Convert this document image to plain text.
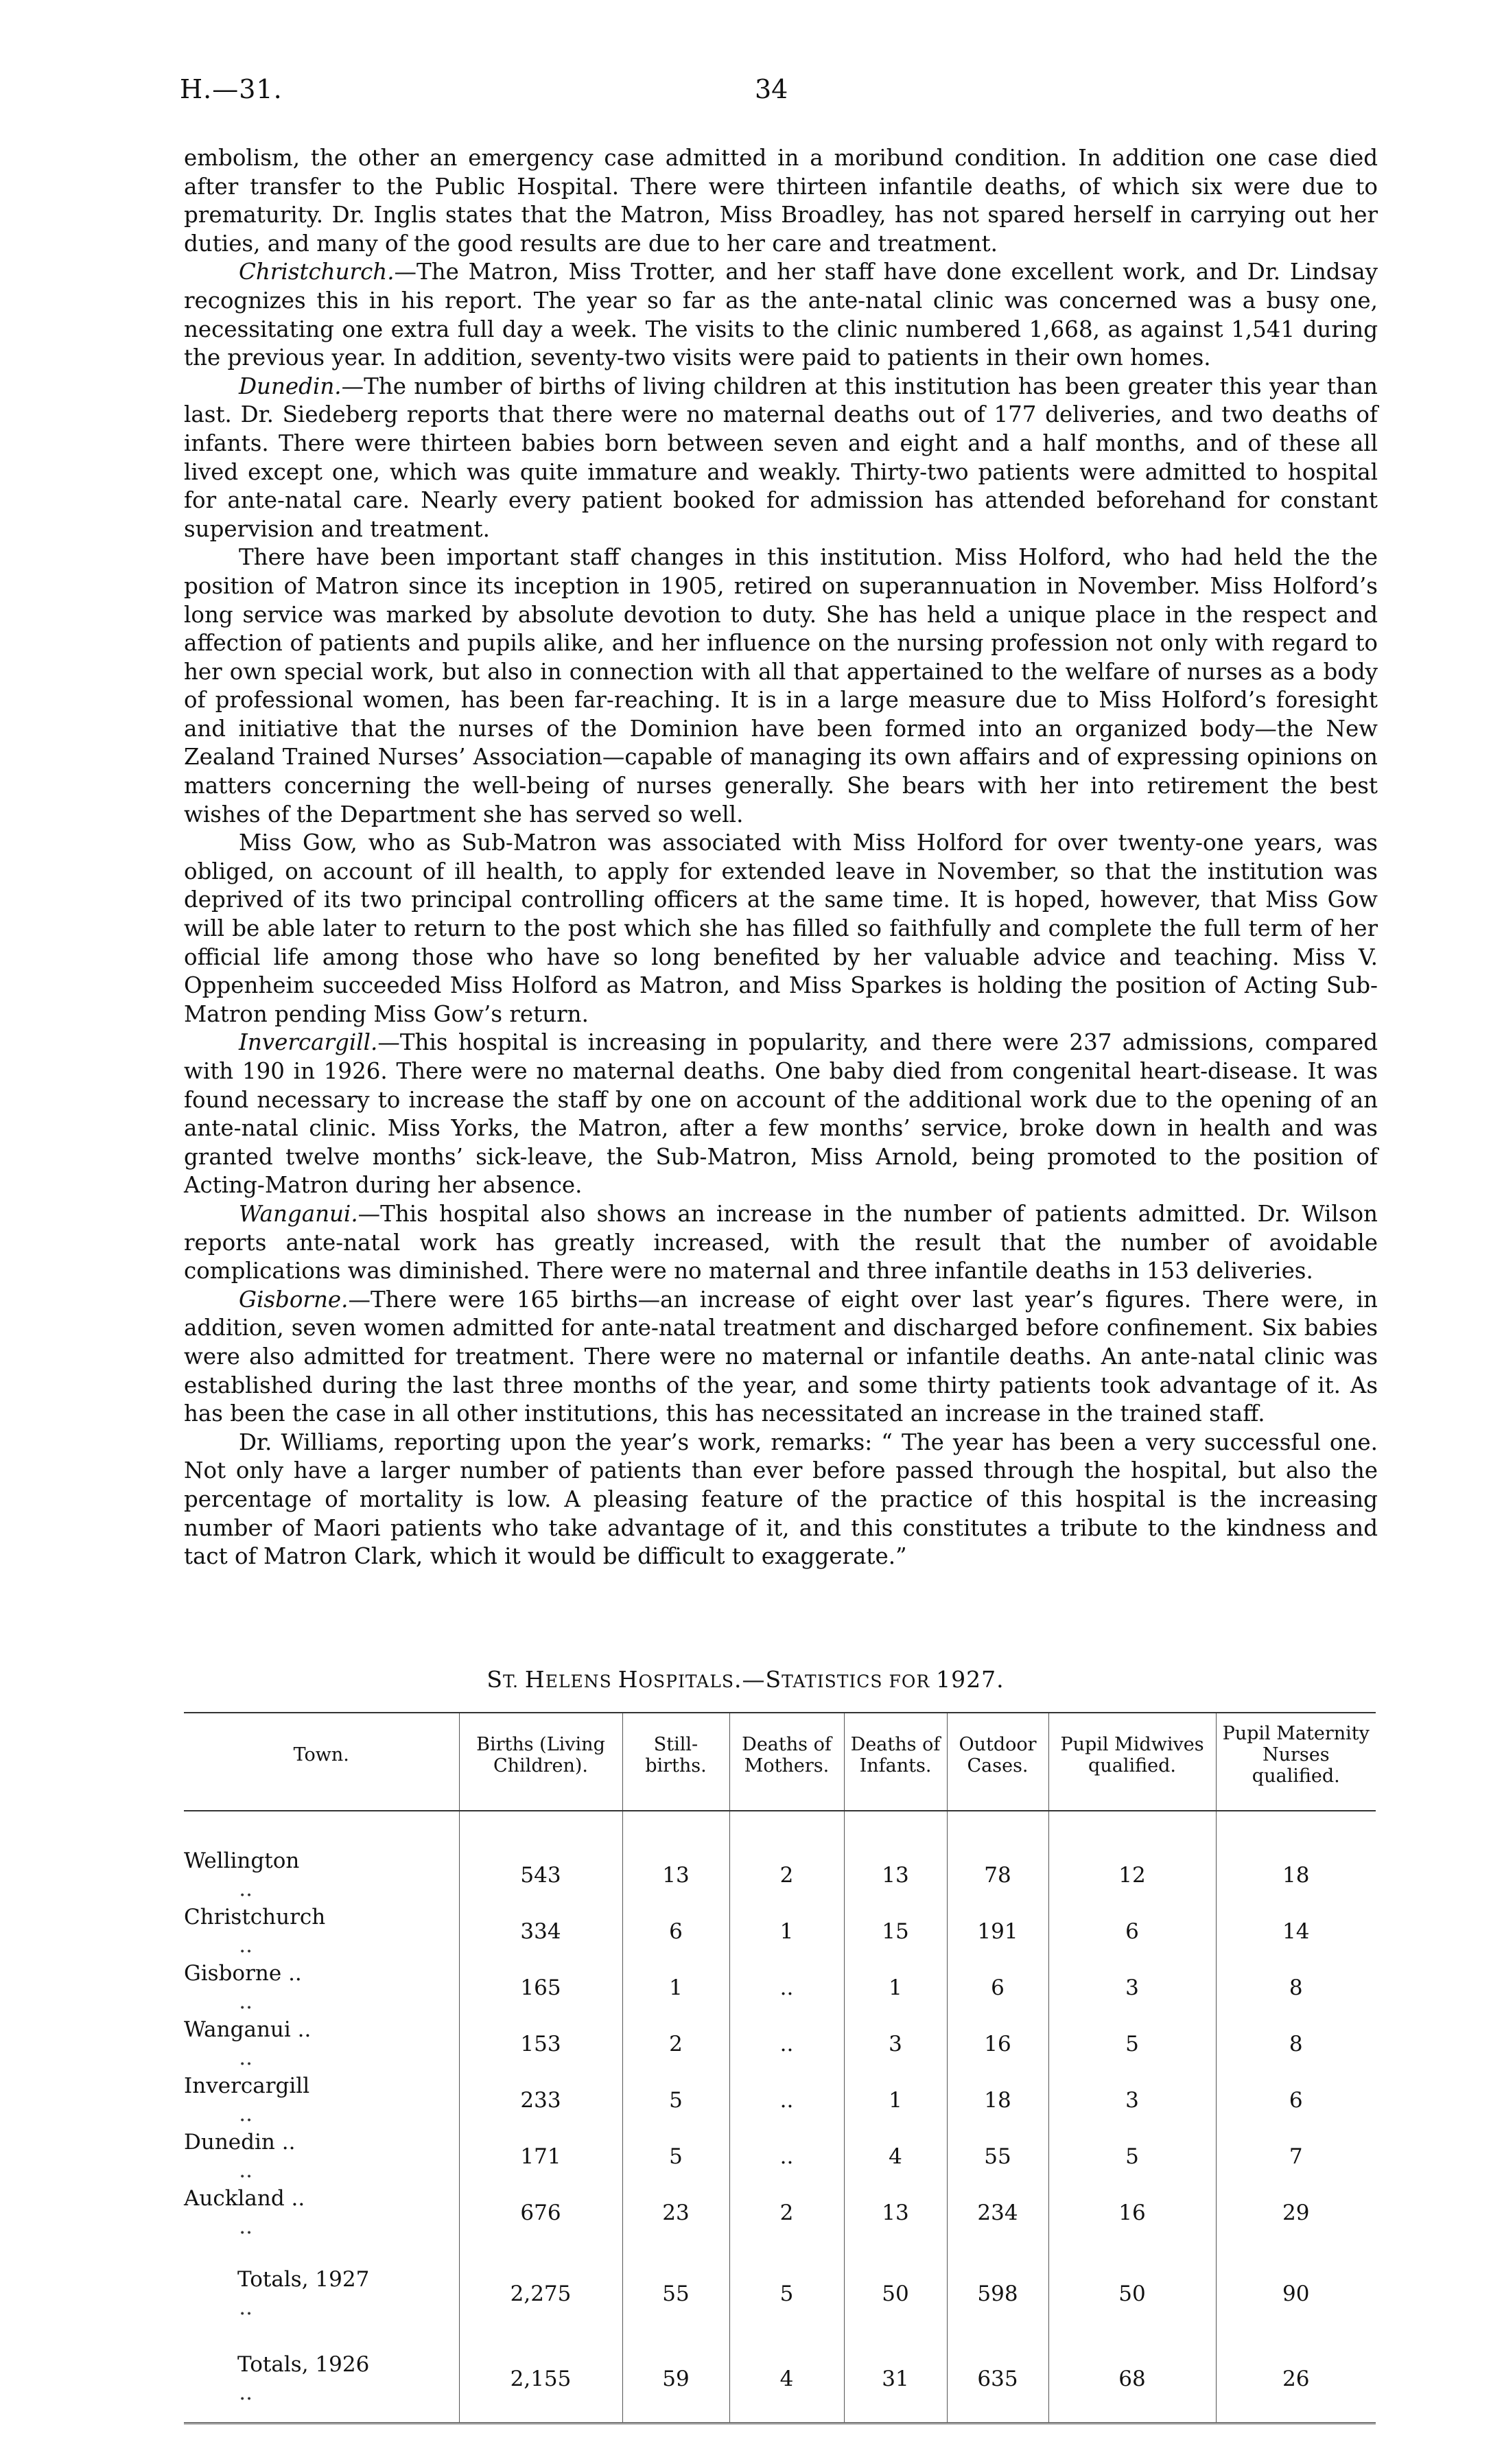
H.—31.	34

embolism, the other an emergency case admitted in a moribund condition. In addition one case died after transfer to the Public Hospital. There were thirteen infantile deaths, of which six were due to prematurity. Dr. Inglis states that the Matron, Miss Broadley, has not spared herself in carrying out her duties, and many of the good results are due to her care and treatment.

Christchurch.—The Matron, Miss Trotter, and her staff have done excellent work, and Dr. Lindsay recognizes this in his report. The year so far as the ante-natal clinic was concerned was a busy one, necessitating one extra full day a week. The visits to the clinic numbered 1,668, as against 1,541 during the previous year. In addition, seventy-two visits were paid to patients in their own homes.

Dunedin.—The number of births of living children at this institution has been greater this year than last. Dr. Siedeberg reports that there were no maternal deaths out of 177 deliveries, and two deaths of infants. There were thirteen babies born between seven and eight and a half months, and of these all lived except one, which was quite immature and weakly. Thirty-two patients were admitted to hospital for ante-natal care. Nearly every patient booked for admission has attended beforehand for constant supervision and treatment.

There have been important staff changes in this institution. Miss Holford, who had held the the position of Matron since its inception in 1905, retired on superannuation in November. Miss Holford’s long service was marked by absolute devotion to duty. She has held a unique place in the respect and affection of patients and pupils alike, and her influence on the nursing profession not only with regard to her own special work, but also in connection with all that appertained to the welfare of nurses as a body of professional women, has been far-reaching. It is in a large measure due to Miss Holford’s foresight and initiative that the nurses of the Dominion have been formed into an organized body—the New Zealand Trained Nurses’ Association—capable of managing its own affairs and of expressing opinions on matters concerning the well-being of nurses generally. She bears with her into retirement the best wishes of the Department she has served so well.

Miss Gow, who as Sub-Matron was associated with Miss Holford for over twenty-one years, was obliged, on account of ill health, to apply for extended leave in November, so that the institution was deprived of its two principal controlling officers at the same time. It is hoped, however, that Miss Gow will be able later to return to the post which she has filled so faithfully and complete the full term of her official life among those who have so long benefited by her valuable advice and teaching. Miss V. Oppenheim succeeded Miss Holford as Matron, and Miss Sparkes is holding the position of Acting Sub-Matron pending Miss Gow’s return.

Invercargill.—This hospital is increasing in popularity, and there were 237 admissions, compared with 190 in 1926. There were no maternal deaths. One baby died from congenital heart-disease. It was found necessary to increase the staff by one on account of the additional work due to the opening of an ante-natal clinic. Miss Yorks, the Matron, after a few months’ service, broke down in health and was granted twelve months’ sick-leave, the Sub-Matron, Miss Arnold, being promoted to the position of Acting-Matron during her absence.

Wanganui.—This hospital also shows an increase in the number of patients admitted. Dr. Wilson reports ante-natal work has greatly increased, with the result that the number of avoidable complications was diminished. There were no maternal and three infantile deaths in 153 deliveries.

Gisborne.—There were 165 births—an increase of eight over last year’s figures. There were, in addition, seven women admitted for ante-natal treatment and discharged before confinement. Six babies were also admitted for treatment. There were no maternal or infantile deaths. An ante-natal clinic was established during the last three months of the year, and some thirty patients took advantage of it. As has been the case in all other institutions, this has necessitated an increase in the trained staff.

Dr. Williams, reporting upon the year’s work, remarks: “ The year has been a very successful one. Not only have a larger number of patients than ever before passed through the hospital, but also the percentage of mortality is low. A pleasing feature of the practice of this hospital is the increasing number of Maori patients who take advantage of it, and this constitutes a tribute to the kindness and tact of Matron Clark, which it would be difficult to exaggerate.”

ST. HELENS HOSPITALS.—STATISTICS FOR 1927.
Town.	Births (Living Children).	Still-births.	Deaths of Mothers.	Deaths of Infants.	Outdoor Cases.	Pupil Midwives qualified.	Pupil Maternity Nurses qualified.
Wellington..	543	13	2	13	78	12	18
Christchurch..	334	6	1	15	191	6	14
Gisborne ....	165	1	..	1	6	3	8
Wanganui ....	153	2	..	3	16	5	8
Invercargill..	233	5	..	1	18	3	6
Dunedin ....	171	5	..	4	55	5	7
Auckland ....	676	23	2	13	234	16	29
Totals, 1927..	2,275	55	5	50	598	50	90
Totals, 1926..	2,155	59	4	31	635	68	26
